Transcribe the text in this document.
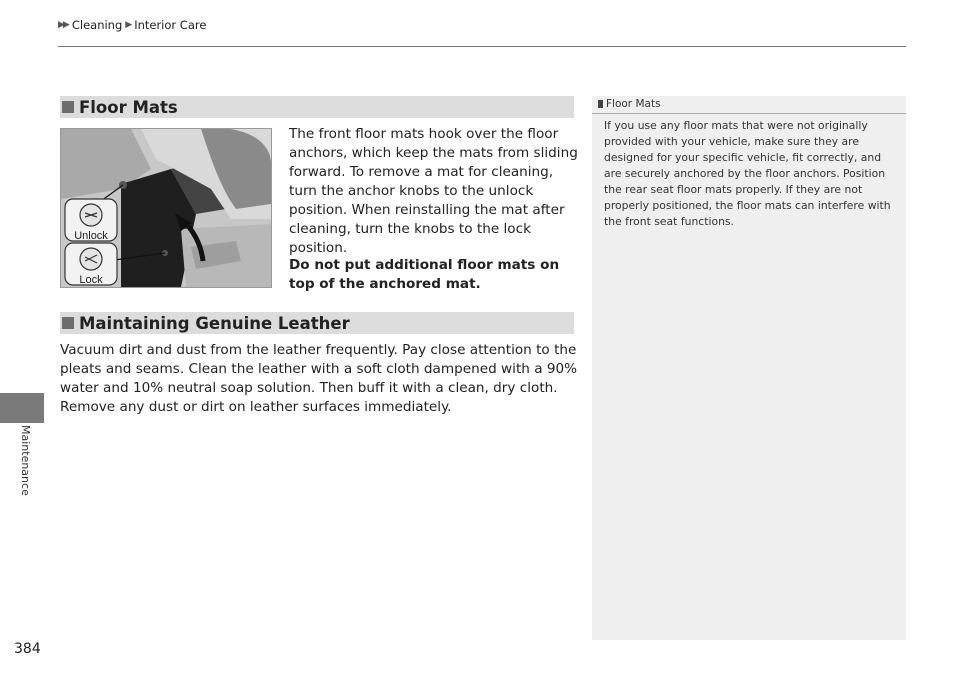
▶▶ Cleaning ▶ Interior Care
Maintenance
384
Floor Mats
Unlock
Lock
The front floor mats hook over the floor anchors, which keep the mats from sliding forward. To remove a mat for cleaning, turn the anchor knobs to the unlock position. When reinstalling the mat after cleaning, turn the knobs to the lock position.
Do not put additional floor mats on top of the anchored mat.
Maintaining Genuine Leather
Vacuum dirt and dust from the leather frequently. Pay close attention to the pleats and seams. Clean the leather with a soft cloth dampened with a 90% water and 10% neutral soap solution. Then buff it with a clean, dry cloth. Remove any dust or dirt on leather surfaces immediately.
Floor Mats
If you use any floor mats that were not originally provided with your vehicle, make sure they are designed for your specific vehicle, fit correctly, and are securely anchored by the floor anchors. Position the rear seat floor mats properly. If they are not properly positioned, the floor mats can interfere with the front seat functions.
